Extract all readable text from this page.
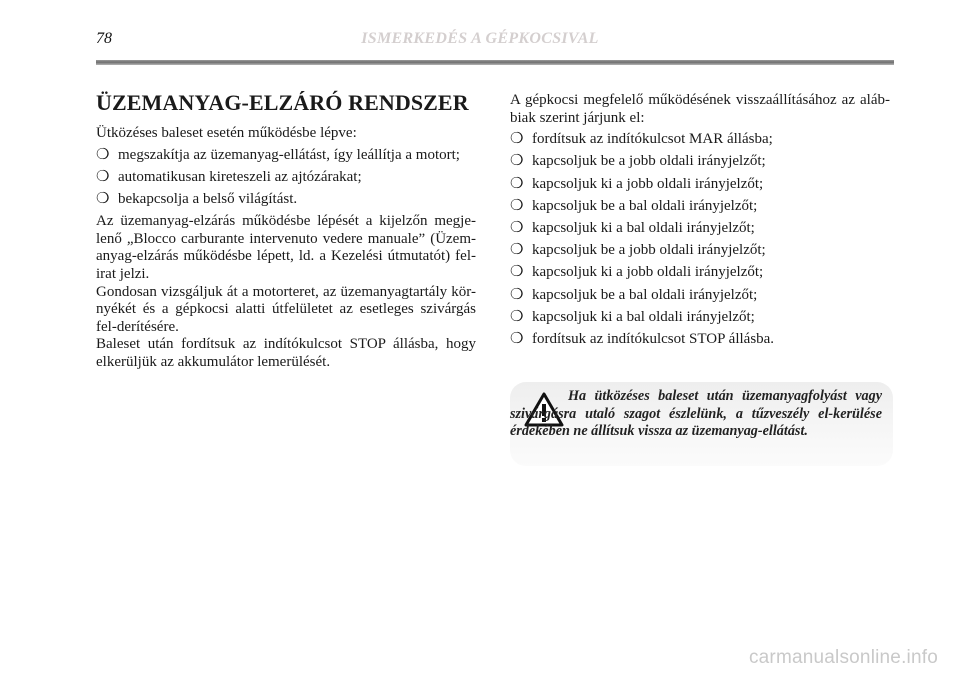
78	ISMERKEDÉS A GÉPKOCSIVAL
ÜZEMANYAG-ELZÁRÓ RENDSZER

Ütközéses baleset esetén működésbe lépve:

❍ megszakítja az üzemanyag-ellátást, így leállítja a motort;
❍ automatikusan kireteszeli az ajtózárakat;
❍ bekapcsolja a belső világítást.

Az üzemanyag-elzárás működésbe lépését a kijelzőn megje-lenő „Blocco carburante intervenuto vedere manuale” (Üzem-anyag-elzárás működésbe lépett, ld. a Kezelési útmutatót) fel-irat jelzi.

Gondosan vizsgáljuk át a motorteret, az üzemanyagtartály kör-nyékét és a gépkocsi alatti útfelületet az esetleges szivárgás fel-derítésére.

Baleset után fordítsuk az indítókulcsot STOP állásba, hogy elkerüljük az akkumulátor lemerülését.

A gépkocsi megfelelő működésének visszaállításához az aláb-biak szerint járjunk el:

❍ fordítsuk az indítókulcsot MAR állásba;
❍ kapcsoljuk be a jobb oldali irányjelzőt;
❍ kapcsoljuk ki a jobb oldali irányjelzőt;
❍ kapcsoljuk be a bal oldali irányjelzőt;
❍ kapcsoljuk ki a bal oldali irányjelzőt;
❍ kapcsoljuk be a jobb oldali irányjelzőt;
❍ kapcsoljuk ki a jobb oldali irányjelzőt;
❍ kapcsoljuk be a bal oldali irányjelzőt;
❍ kapcsoljuk ki a bal oldali irányjelzőt;
❍ fordítsuk az indítókulcsot STOP állásba.
Ha ütközéses baleset után üzemanyagfolyást vagy szivárgásra utaló szagot észlelünk, a tűzveszély el-kerülése érdekében ne állítsuk vissza az üzemanyag-ellátást.
carmanualsonline.info
